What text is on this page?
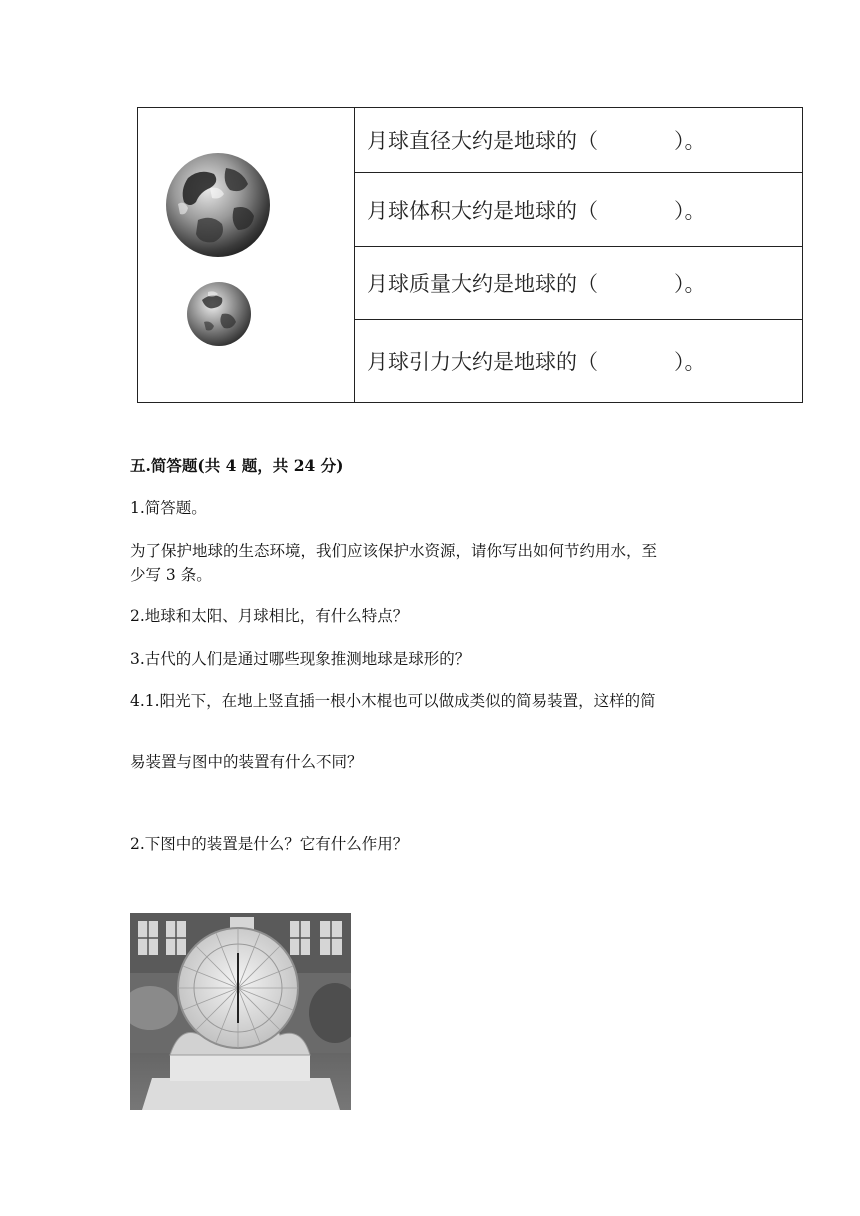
月球直径大约是地球的（	）。
月球体积大约是地球的（	）。
月球质量大约是地球的（	）。
月球引力大约是地球的（	）。
五.简答题(共 4 题，共 24 分)
1.简答题。
为了保护地球的生态环境，我们应该保护水资源，请你写出如何节约用水，至
少写 3 条。
2.地球和太阳、月球相比，有什么特点？
3.古代的人们是通过哪些现象推测地球是球形的？
4.1.阳光下，在地上竖直插一根小木棍也可以做成类似的简易装置，这样的简
易装置与图中的装置有什么不同？
2.下图中的装置是什么？它有什么作用？
